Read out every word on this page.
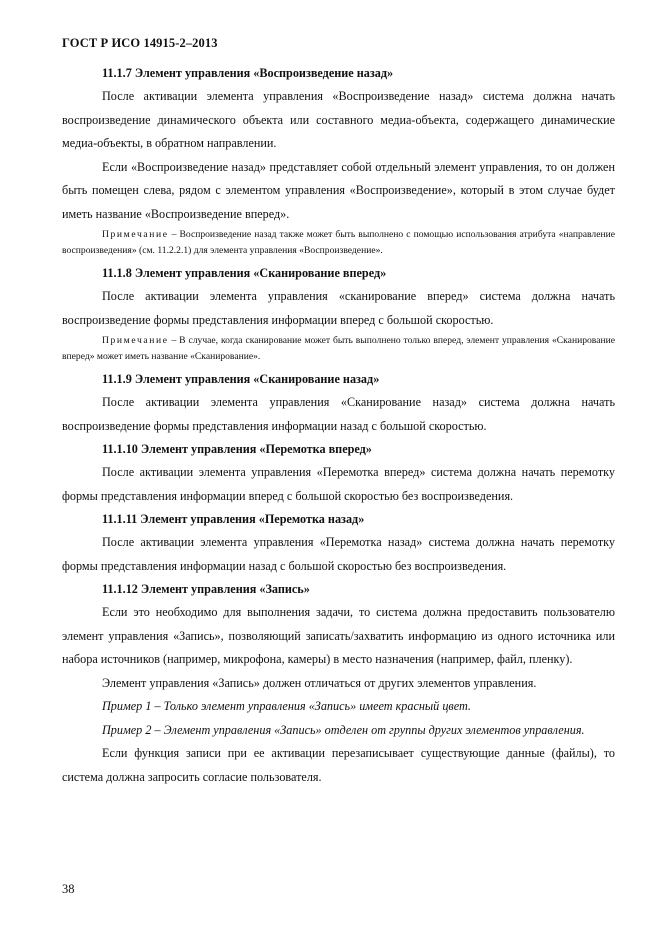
ГОСТ Р ИСО 14915-2–2013

11.1.7 Элемент управления «Воспроизведение назад»

После активации элемента управления «Воспроизведение назад» система должна начать воспроизведение динамического объекта или составного медиа-объекта, содержащего динамические медиа-объекты, в обратном направлении.

Если «Воспроизведение назад» представляет собой отдельный элемент управления, то он должен быть помещен слева, рядом с элементом управления «Воспроизведение», который в этом случае будет иметь название «Воспроизведение вперед».

Примечание – Воспроизведение назад также может быть выполнено с помощью использования атрибута «направление воспроизведения» (см. 11.2.2.1) для элемента управления «Воспроизведение».

11.1.8 Элемент управления «Сканирование вперед»

После активации элемента управления «сканирование вперед» система должна начать воспроизведение формы представления информации вперед с большой скоростью.

Примечание – В случае, когда сканирование может быть выполнено только вперед, элемент управления «Сканирование вперед» может иметь название «Сканирование».

11.1.9 Элемент управления «Сканирование назад»

После активации элемента управления «Сканирование назад» система должна начать воспроизведение формы представления информации назад с большой скоростью.

11.1.10 Элемент управления «Перемотка вперед»

После активации элемента управления «Перемотка вперед» система должна начать перемотку формы представления информации вперед с большой скоростью без воспроизведения.

11.1.11 Элемент управления «Перемотка назад»

После активации элемента управления «Перемотка назад» система должна начать перемотку формы представления информации назад с большой скоростью без воспроизведения.

11.1.12 Элемент управления «Запись»

Если это необходимо для выполнения задачи, то система должна предоставить пользователю элемент управления «Запись», позволяющий записать/захватить информацию из одного источника или набора источников (например, микрофона, камеры) в место назначения (например, файл, пленку).

Элемент управления «Запись» должен отличаться от других элементов управления.

Пример 1 – Только элемент управления «Запись» имеет красный цвет.

Пример 2 – Элемент управления «Запись» отделен от группы других элементов управления.

Если функция записи при ее активации перезаписывает существующие данные (файлы), то система должна запросить согласие пользователя.

38
